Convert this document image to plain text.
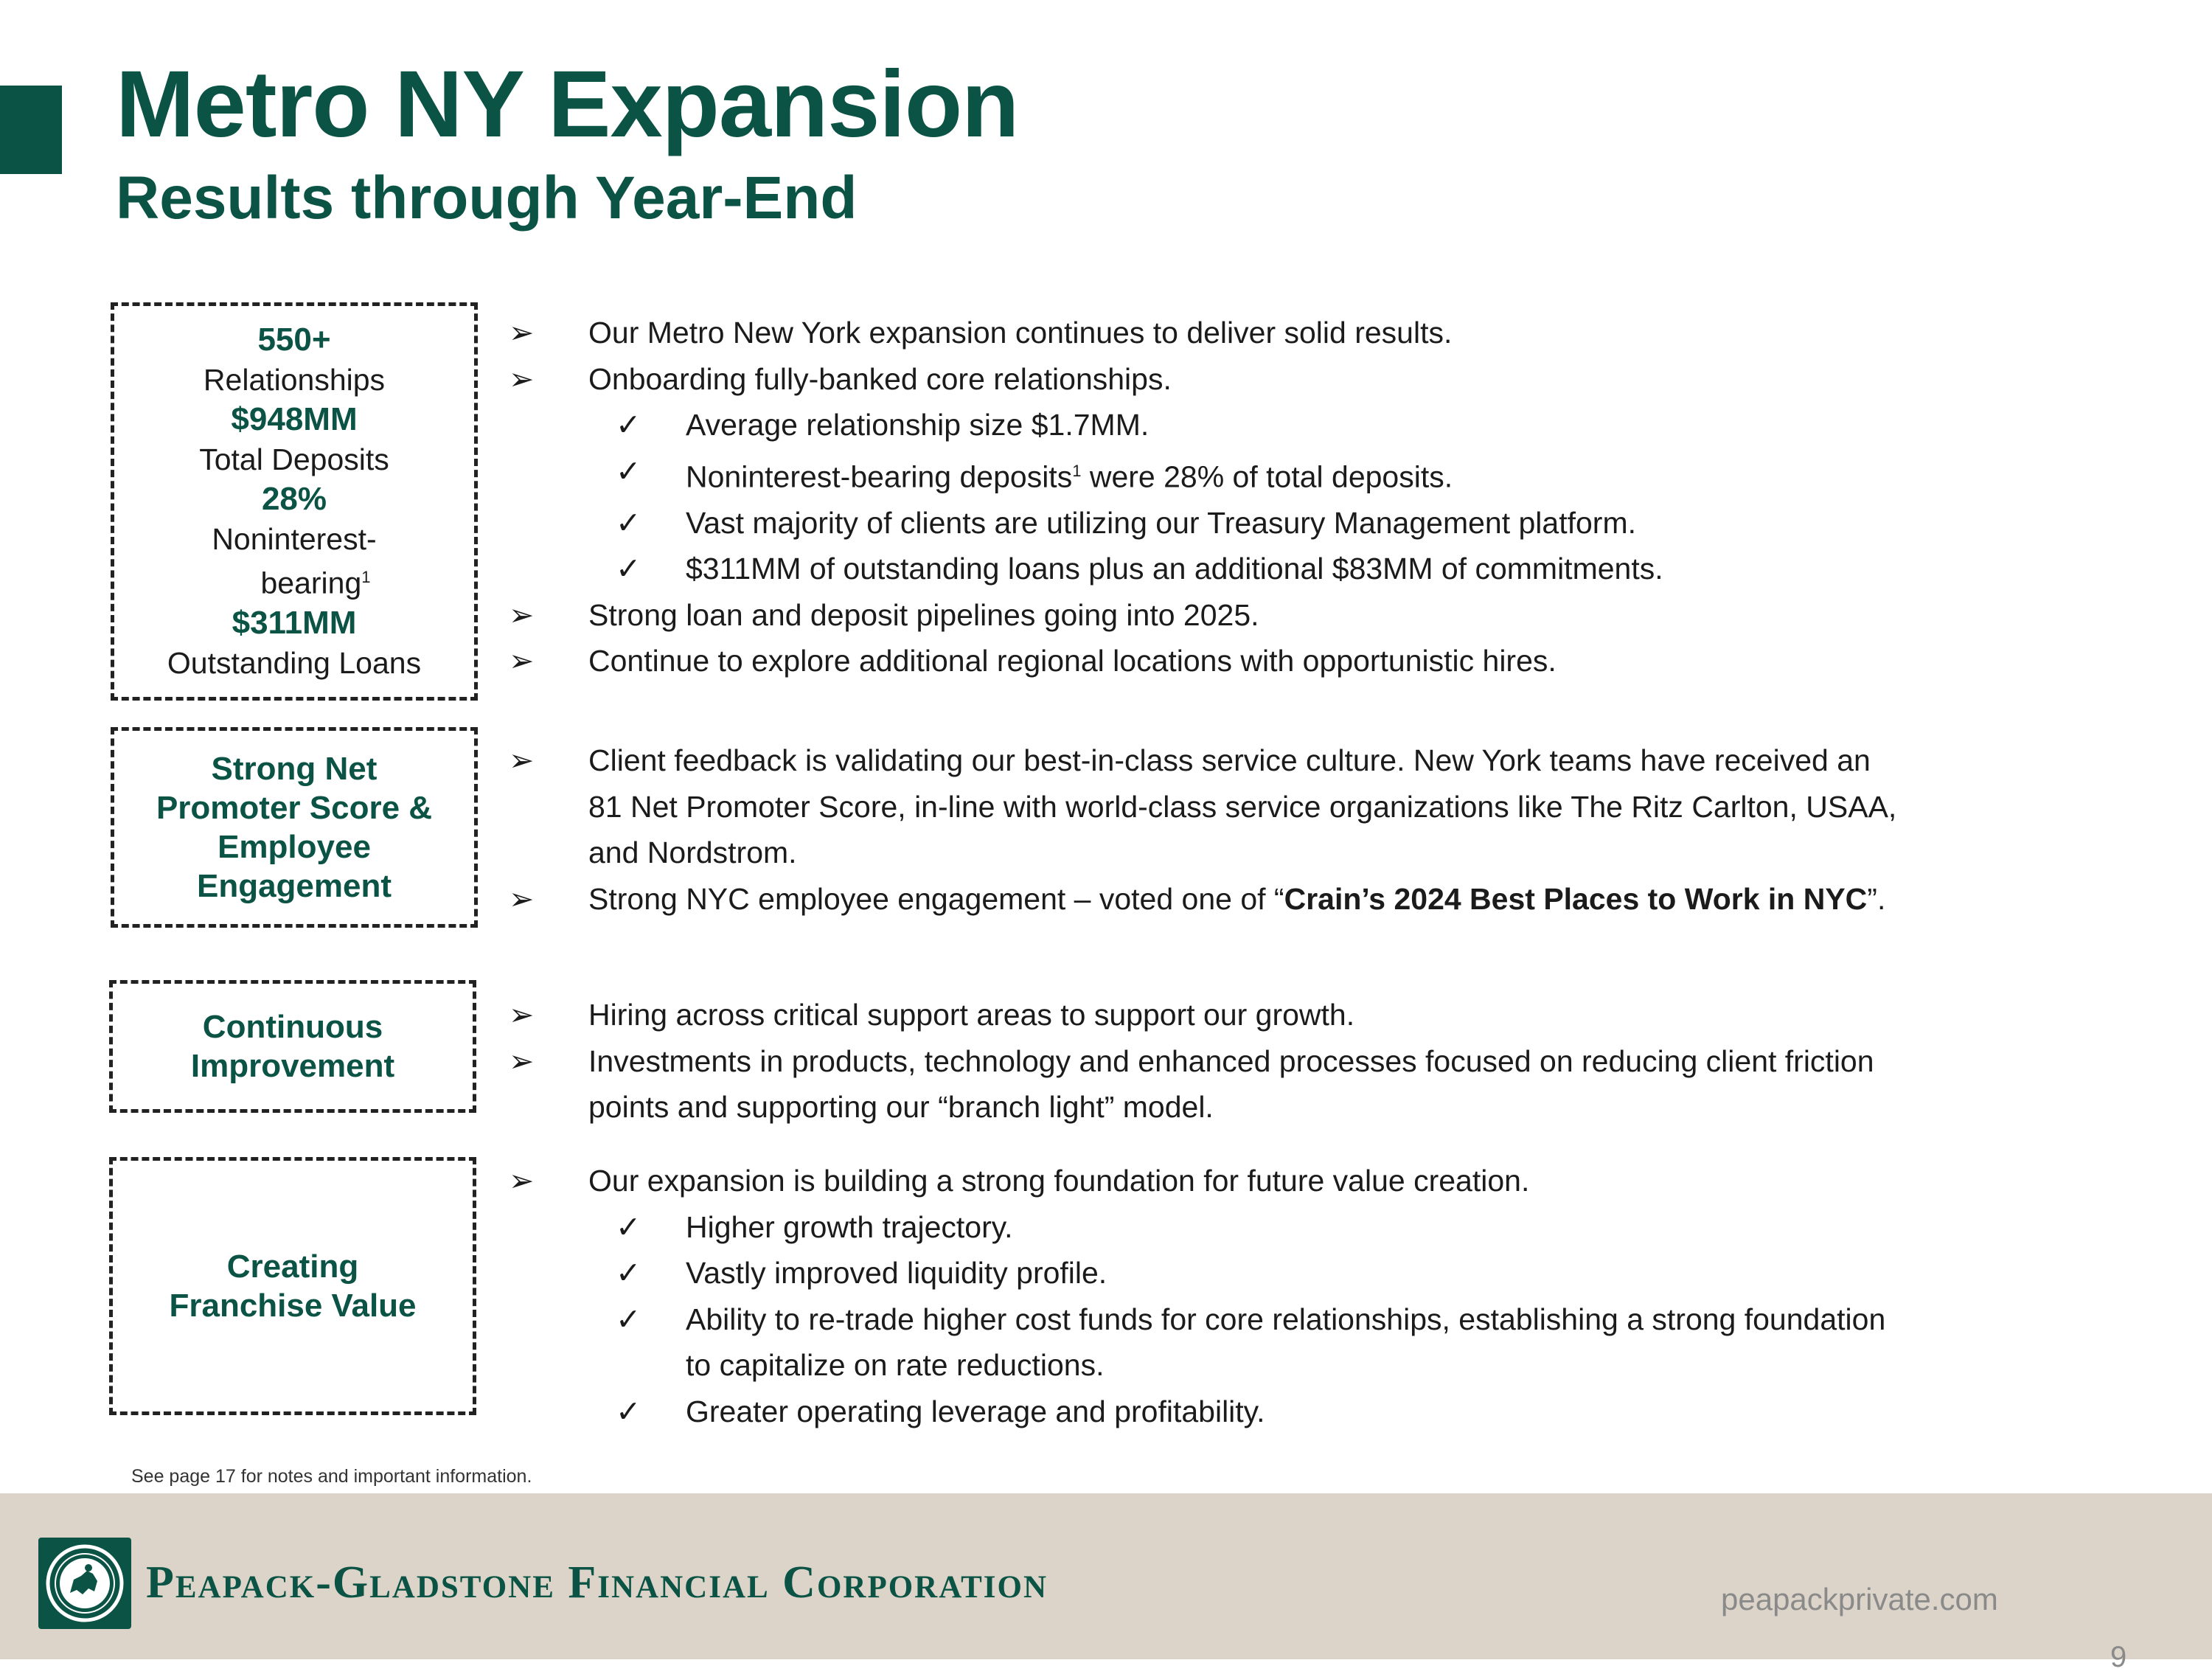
Metro NY Expansion
Results through Year-End
550+
Relationships
$948MM
Total Deposits
28%
Noninterest-
bearing$^1$
$311MM
Outstanding Loans
Strong Net
Promoter Score &
Employee
Engagement
Continuous
Improvement
Creating
Franchise Value
➢	Our Metro New York expansion continues to deliver solid results.
➢	Onboarding fully-banked core relationships.
✓	Average relationship size $1.7MM.
✓	Noninterest-bearing deposits$^1$ were 28% of total deposits.
✓	Vast majority of clients are utilizing our Treasury Management platform.
✓	$311MM of outstanding loans plus an additional $83MM of commitments.
➢	Strong loan and deposit pipelines going into 2025.
➢	Continue to explore additional regional locations with opportunistic hires.
➢	Client feedback is validating our best-in-class service culture. New York teams have received an
81 Net Promoter Score, in-line with world-class service organizations like The Ritz Carlton, USAA,
and Nordstrom.
➢	Strong NYC employee engagement – voted one of “Crain’s 2024 Best Places to Work in NYC”.
➢	Hiring across critical support areas to support our growth.
➢	Investments in products, technology and enhanced processes focused on reducing client friction
points and supporting our “branch light” model.
➢	Our expansion is building a strong foundation for future value creation.
✓	Higher growth trajectory.
✓	Vastly improved liquidity profile.
✓	Ability to re-trade higher cost funds for core relationships, establishing a strong foundation
to capitalize on rate reductions.
✓	Greater operating leverage and profitability.
See page 17 for notes and important information.
Peapack-Gladstone Financial Corporation	peapackprivate.com
9
